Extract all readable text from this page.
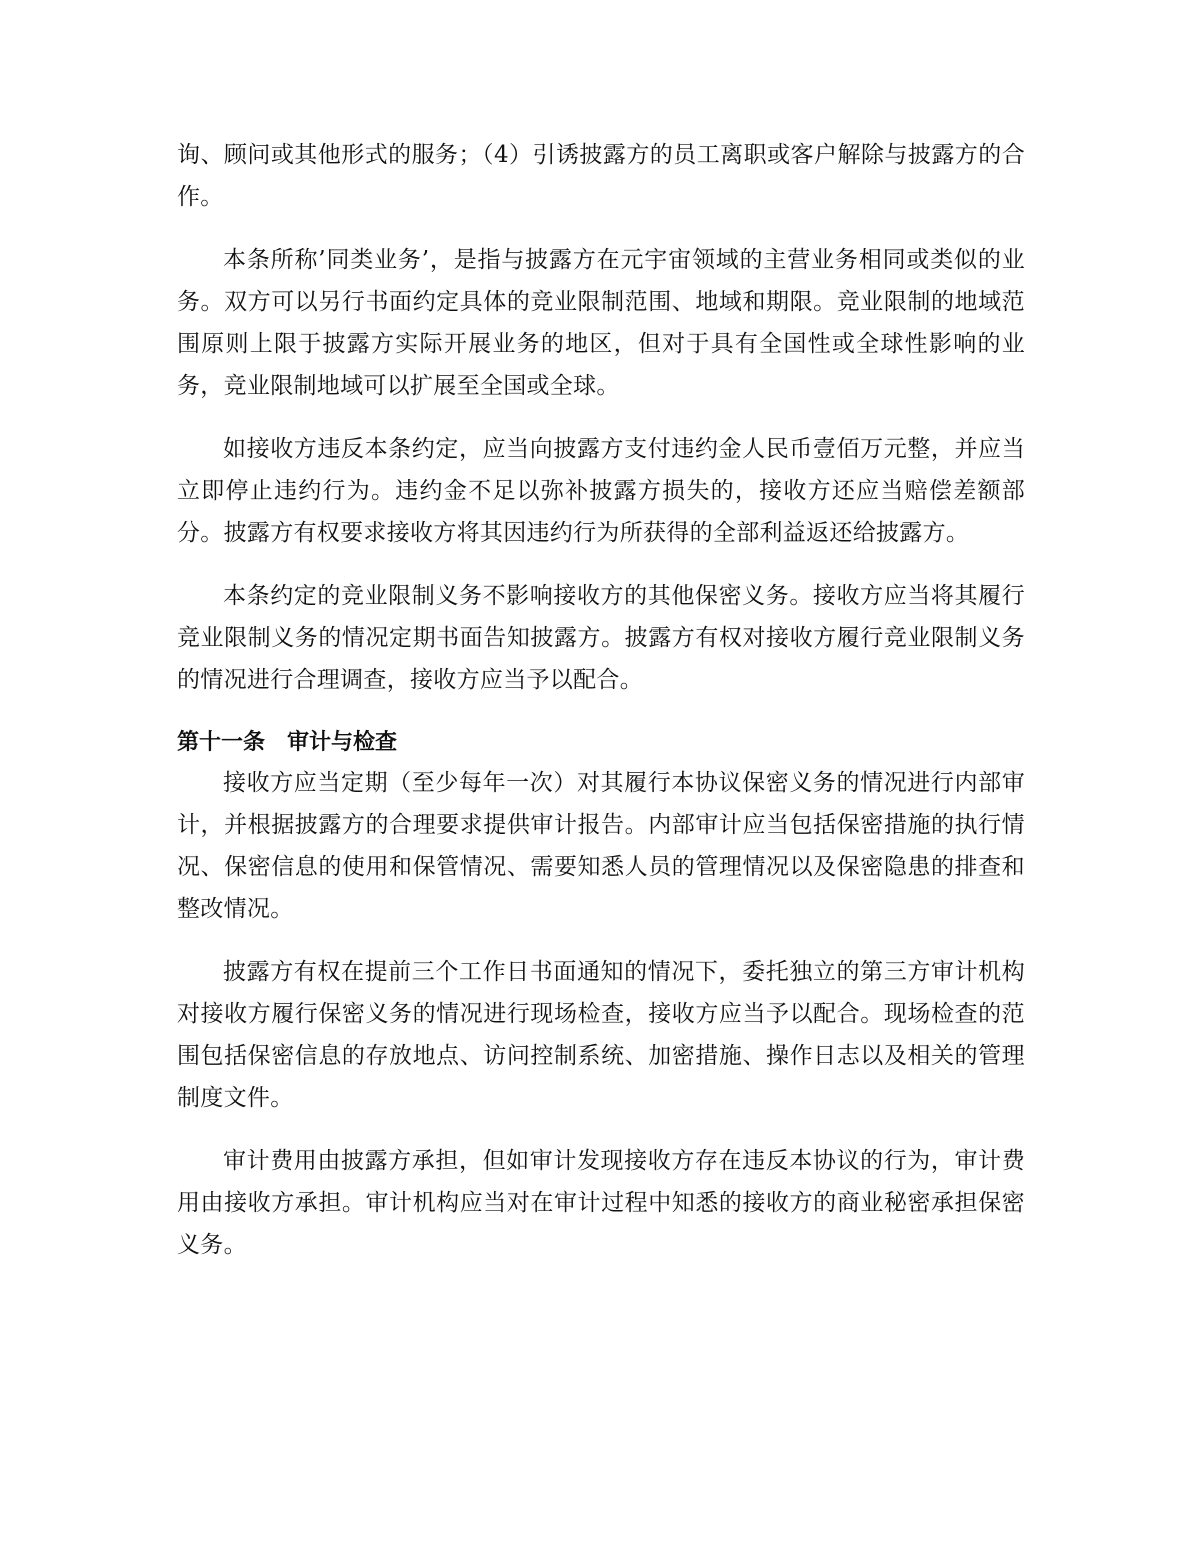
询、顾问或其他形式的服务；（4）引诱披露方的员工离职或客户解除与披露方的合作。

本条所称’同类业务’，是指与披露方在元宇宙领域的主营业务相同或类似的业务。双方可以另行书面约定具体的竞业限制范围、地域和期限。竞业限制的地域范围原则上限于披露方实际开展业务的地区，但对于具有全国性或全球性影响的业务，竞业限制地域可以扩展至全国或全球。

如接收方违反本条约定，应当向披露方支付违约金人民币壹佰万元整，并应当立即停止违约行为。违约金不足以弥补披露方损失的，接收方还应当赔偿差额部分。披露方有权要求接收方将其因违约行为所获得的全部利益返还给披露方。

本条约定的竞业限制义务不影响接收方的其他保密义务。接收方应当将其履行竞业限制义务的情况定期书面告知披露方。披露方有权对接收方履行竞业限制义务的情况进行合理调查，接收方应当予以配合。

第十一条　审计与检查

接收方应当定期（至少每年一次）对其履行本协议保密义务的情况进行内部审计，并根据披露方的合理要求提供审计报告。内部审计应当包括保密措施的执行情况、保密信息的使用和保管情况、需要知悉人员的管理情况以及保密隐患的排查和整改情况。

披露方有权在提前三个工作日书面通知的情况下，委托独立的第三方审计机构对接收方履行保密义务的情况进行现场检查，接收方应当予以配合。现场检查的范围包括保密信息的存放地点、访问控制系统、加密措施、操作日志以及相关的管理制度文件。

审计费用由披露方承担，但如审计发现接收方存在违反本协议的行为，审计费用由接收方承担。审计机构应当对在审计过程中知悉的接收方的商业秘密承担保密义务。
